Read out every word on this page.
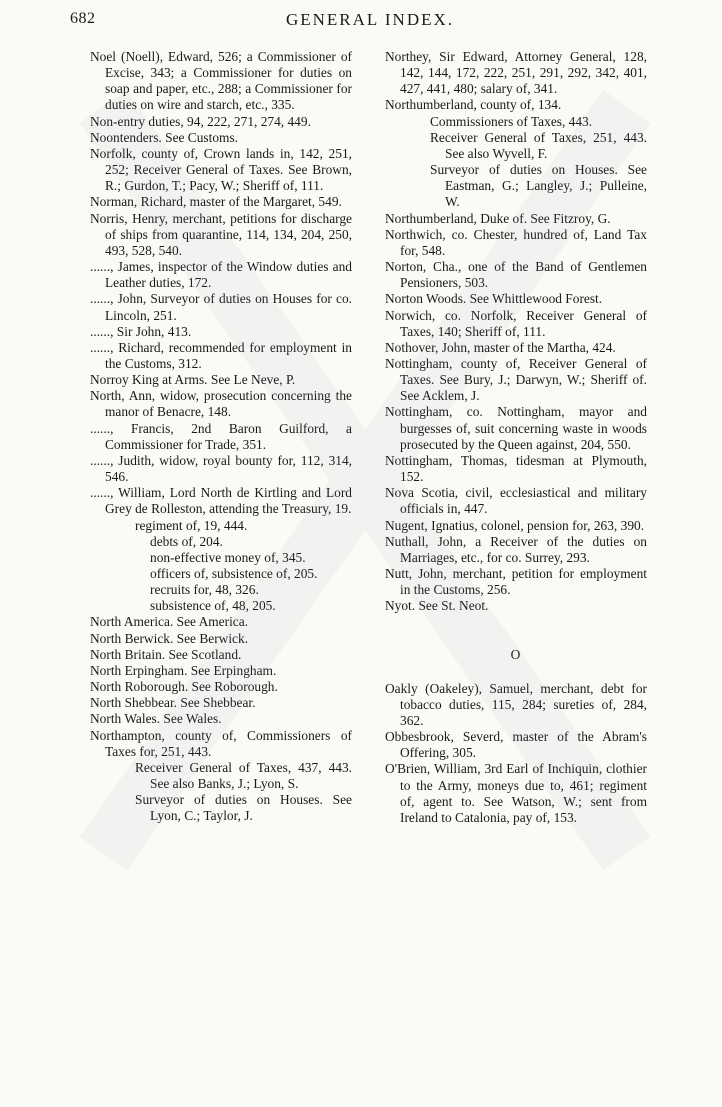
682	GENERAL INDEX.
Noel (Noell), Edward, 526; a Commissioner of Excise, 343; a Commissioner for duties on soap and paper, etc., 288; a Commissioner for duties on wire and starch, etc., 335.
Non-entry duties, 94, 222, 271, 274, 449.
Noontenders. See Customs.
Norfolk, county of, Crown lands in, 142, 251, 252; Receiver General of Taxes. See Brown, R.; Gurdon, T.; Pacy, W.; Sheriff of, 111.
Norman, Richard, master of the Margaret, 549.
Norris, Henry, merchant, petitions for discharge of ships from quarantine, 114, 134, 204, 250, 493, 528, 540.
......, James, inspector of the Window duties and Leather duties, 172.
......, John, Surveyor of duties on Houses for co. Lincoln, 251.
......, Sir John, 413.
......, Richard, recommended for employment in the Customs, 312.
Norroy King at Arms. See Le Neve, P.
North, Ann, widow, prosecution concerning the manor of Benacre, 148.
......, Francis, 2nd Baron Guilford, a Commissioner for Trade, 351.
......, Judith, widow, royal bounty for, 112, 314, 546.
......, William, Lord North de Kirtling and Lord Grey de Rolleston, attending the Treasury, 19.
regiment of, 19, 444.
debts of, 204.
non-effective money of, 345.
officers of, subsistence of, 205.
recruits for, 48, 326.
subsistence of, 48, 205.
North America. See America.
North Berwick. See Berwick.
North Britain. See Scotland.
North Erpingham. See Erpingham.
North Roborough. See Roborough.
North Shebbear. See Shebbear.
North Wales. See Wales.
Northampton, county of, Commissioners of Taxes for, 251, 443.
Receiver General of Taxes, 437, 443. See also Banks, J.; Lyon, S.
Surveyor of duties on Houses. See Lyon, C.; Taylor, J.
Northey, Sir Edward, Attorney General, 128, 142, 144, 172, 222, 251, 291, 292, 342, 401, 427, 441, 480; salary of, 341.
Northumberland, county of, 134.
Commissioners of Taxes, 443.
Receiver General of Taxes, 251, 443. See also Wyvell, F.
Surveyor of duties on Houses. See Eastman, G.; Langley, J.; Pulleine, W.
Northumberland, Duke of. See Fitzroy, G.
Northwich, co. Chester, hundred of, Land Tax for, 548.
Norton, Cha., one of the Band of Gentlemen Pensioners, 503.
Norton Woods. See Whittlewood Forest.
Norwich, co. Norfolk, Receiver General of Taxes, 140; Sheriff of, 111.
Nothover, John, master of the Martha, 424.
Nottingham, county of, Receiver General of Taxes. See Bury, J.; Darwyn, W.; Sheriff of. See Acklem, J.
Nottingham, co. Nottingham, mayor and burgesses of, suit concerning waste in woods prosecuted by the Queen against, 204, 550.
Nottingham, Thomas, tidesman at Plymouth, 152.
Nova Scotia, civil, ecclesiastical and military officials in, 447.
Nugent, Ignatius, colonel, pension for, 263, 390.
Nuthall, John, a Receiver of the duties on Marriages, etc., for co. Surrey, 293.
Nutt, John, merchant, petition for employment in the Customs, 256.
Nyot. See St. Neot.
O
Oakly (Oakeley), Samuel, merchant, debt for tobacco duties, 115, 284; sureties of, 284, 362.
Obbesbrook, Severd, master of the Abram's Offering, 305.
O'Brien, William, 3rd Earl of Inchiquin, clothier to the Army, moneys due to, 461; regiment of, agent to. See Watson, W.; sent from Ireland to Catalonia, pay of, 153.
